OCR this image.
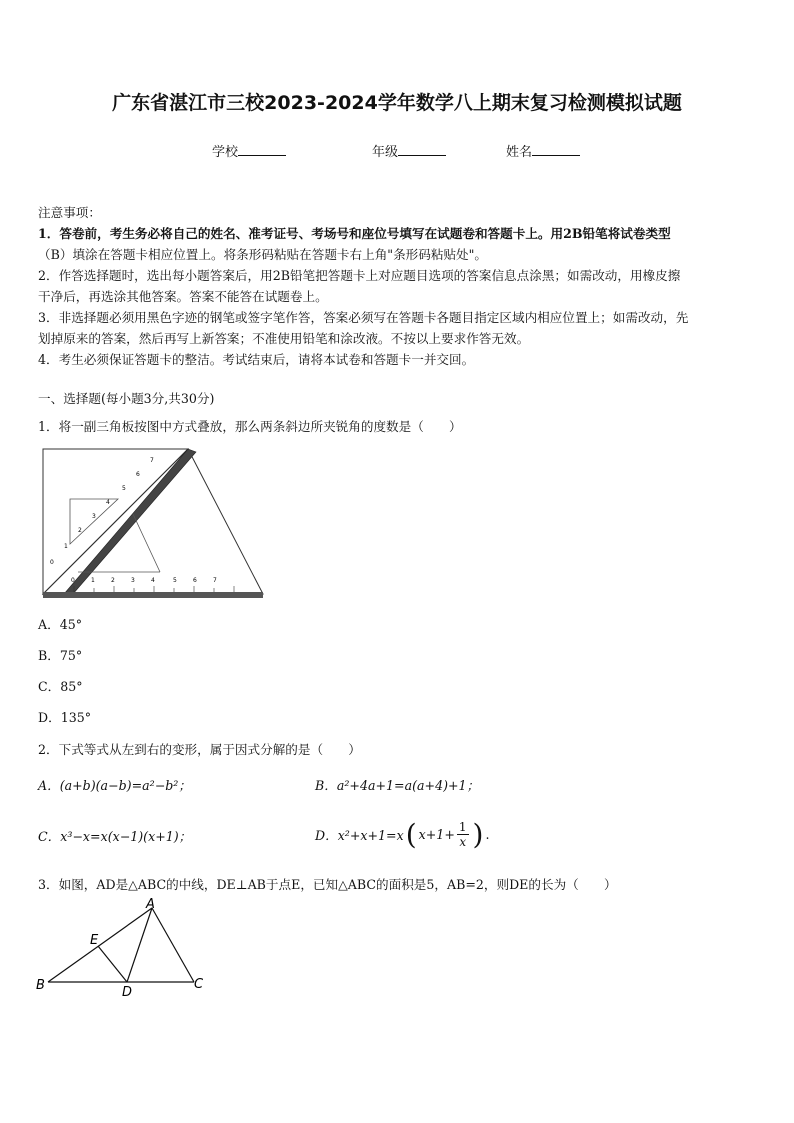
广东省湛江市三校2023-2024学年数学八上期末复习检测模拟试题
学校	年级	姓名
注意事项：
1．答卷前，考生务必将自己的姓名、准考证号、考场号和座位号填写在试题卷和答题卡上。用2B铅笔将试卷类型
（B）填涂在答题卡相应位置上。将条形码粘贴在答题卡右上角"条形码粘贴处"。
2．作答选择题时，选出每小题答案后，用2B铅笔把答题卡上对应题目选项的答案信息点涂黑；如需改动，用橡皮擦
干净后，再选涂其他答案。答案不能答在试题卷上。
3．非选择题必须用黑色字迹的钢笔或签字笔作答，答案必须写在答题卡各题目指定区域内相应位置上；如需改动，先
划掉原来的答案，然后再写上新答案；不准使用铅笔和涂改液。不按以上要求作答无效。
4．考生必须保证答题卡的整洁。考试结束后，请将本试卷和答题卡一并交回。
一、选择题(每小题3分,共30分)
1．将一副三角板按图中方式叠放，那么两条斜边所夹锐角的度数是（　　）
0	1	2	3	4	5	6	7
0
1
2
3
4
5
6
7
A．45°
B．75°
C．85°
D．135°
2．下式等式从左到右的变形，属于因式分解的是（　　）
A．(a+b)(a−b)=a²−b²；	B．a²+4a+1=a(a+4)+1；
C．x³−x=x(x−1)(x+1)；	D．x²+x+1=x ( $x+1+ \frac{1}{x}$ ) .
3．如图，AD是△ABC的中线，DE⊥AB于点E，已知△ABC的面积是5，AB=2，则DE的长为（　　）
A
B	C
D
E
